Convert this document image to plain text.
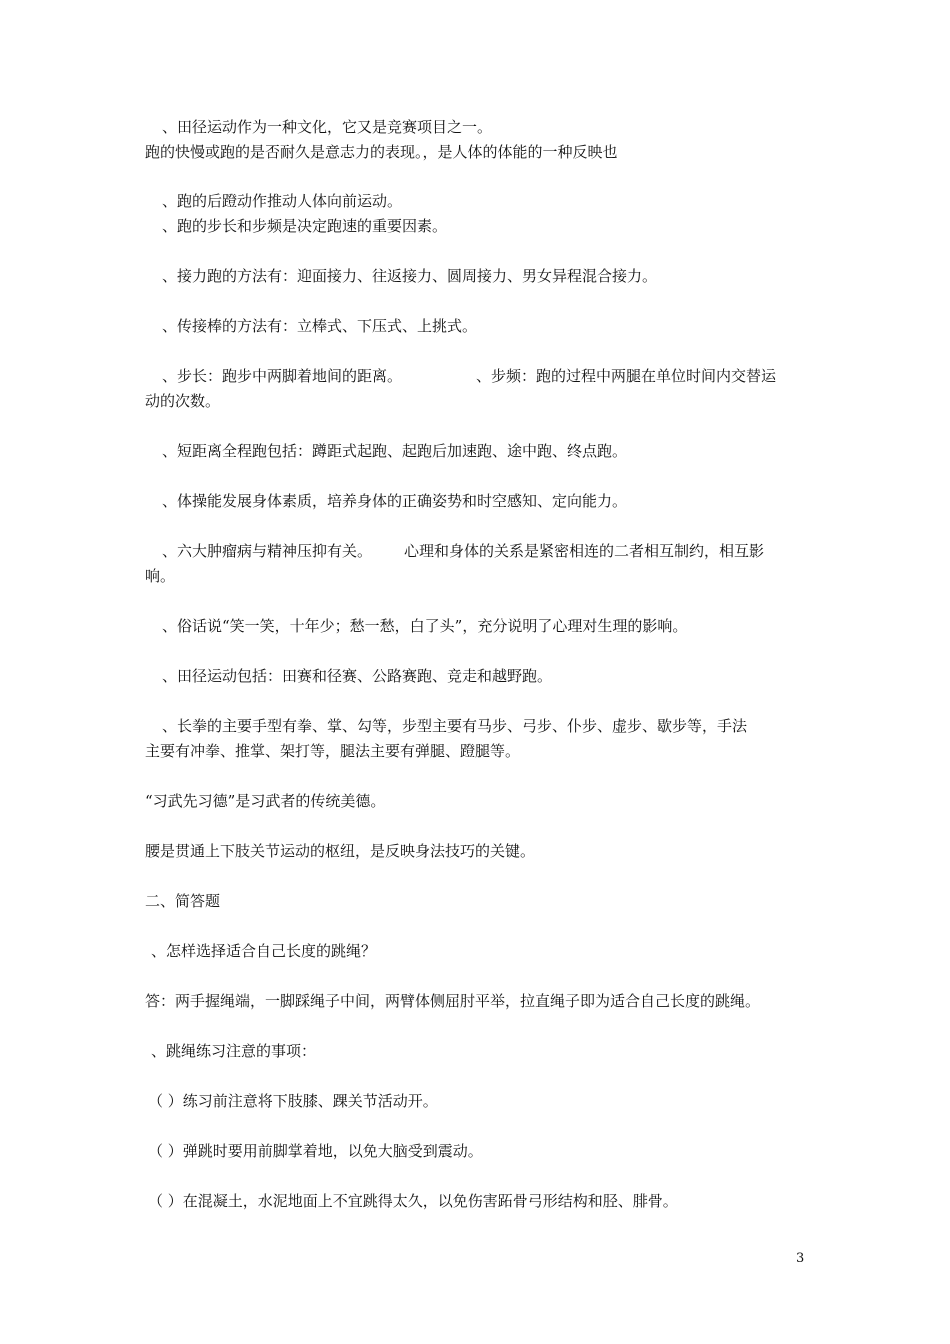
、田径运动作为一种文化，它又是竞赛项目之一。
跑的快慢或跑的是否耐久是意志力的表现。，是人体的体能的一种反映也
、跑的后蹬动作推动人体向前运动。
、跑的步长和步频是决定跑速的重要因素。
、接力跑的方法有：迎面接力、往返接力、圆周接力、男女异程混合接力。
、传接棒的方法有：立棒式、下压式、上挑式。
、步长：跑步中两脚着地间的距离。	、步频：跑的过程中两腿在单位时间内交替运
动的次数。
、短距离全程跑包括：蹲距式起跑、起跑后加速跑、途中跑、终点跑。
、体操能发展身体素质，培养身体的正确姿势和时空感知、定向能力。
、六大肿瘤病与精神压抑有关。 心理和身体的关系是紧密相连的二者相互制约，相互影
响。
、俗话说“笑一笑，十年少；愁一愁，白了头”，充分说明了心理对生理的影响。
、田径运动包括：田赛和径赛、公路赛跑、竞走和越野跑。
、长拳的主要手型有拳、掌、勾等，步型主要有马步、弓步、仆步、虚步、歇步等，手法
主要有冲拳、推掌、架打等，腿法主要有弹腿、蹬腿等。
“习武先习德”是习武者的传统美德。
腰是贯通上下肢关节运动的枢纽，是反映身法技巧的关键。
二、简答题
、怎样选择适合自己长度的跳绳？
答：两手握绳端，一脚踩绳子中间，两臂体侧屈肘平举，拉直绳子即为适合自己长度的跳绳。
、跳绳练习注意的事项：
（ ）练习前注意将下肢膝、踝关节活动开。
（ ）弹跳时要用前脚掌着地，以免大脑受到震动。
（ ）在混凝土，水泥地面上不宜跳得太久，以免伤害跖骨弓形结构和胫、腓骨。
3
